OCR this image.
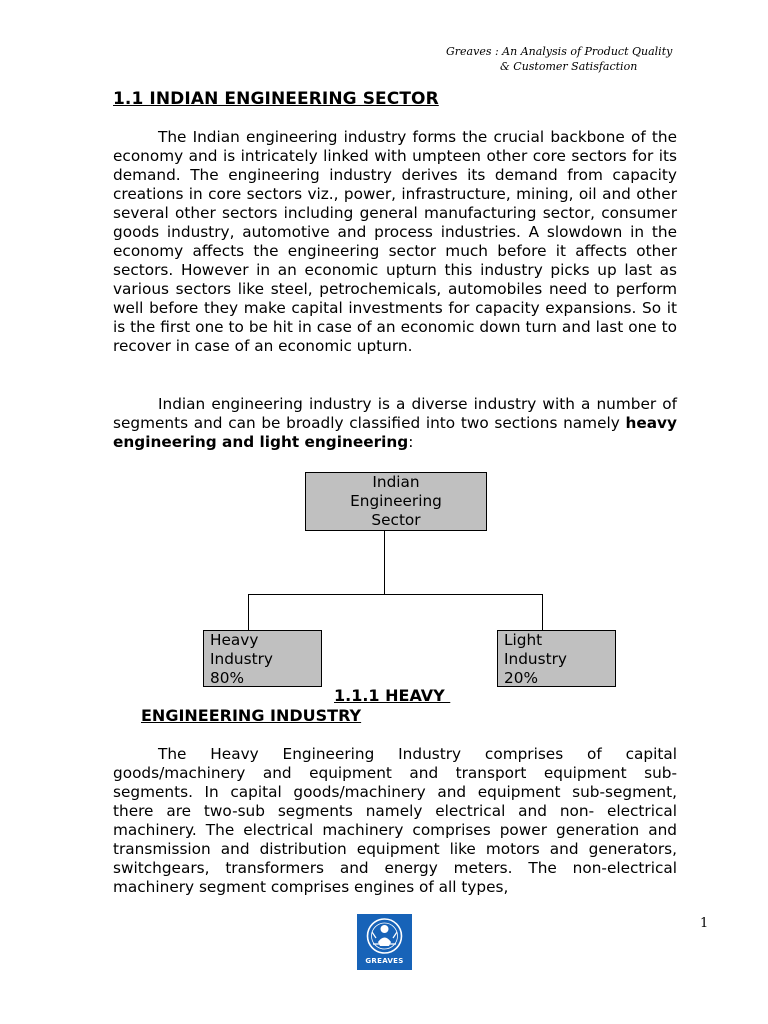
Greaves : An Analysis of Product Quality
& Customer Satisfaction
1.1 INDIAN ENGINEERING SECTOR

The Indian engineering industry forms the crucial backbone of the economy and is intricately linked with umpteen other core sectors for its demand. The engineering industry derives its demand from capacity creations in core sectors viz., power, infrastructure, mining, oil and other several other sectors including general manufacturing sector, consumer goods industry, automotive and process industries. A slowdown in the economy affects the engineering sector much before it affects other sectors. However in an economic upturn this industry picks up last as various sectors like steel, petrochemicals, automobiles need to perform well before they make capital investments for capacity expansions. So it is the first one to be hit in case of an economic down turn and last one to recover in case of an economic upturn.

Indian engineering industry is a diverse industry with a number of segments and can be broadly classified into two sections namely heavy engineering and light engineering:

Indian
Engineering
Sector
Heavy
Industry
80%
Light
Industry
20%
1.1.1 HEAVY
ENGINEERING INDUSTRY

The Heavy Engineering Industry comprises of capital goods/machinery and equipment and transport equipment sub-segments. In capital goods/machinery and equipment sub-segment, there are two-sub segments namely electrical and non- electrical machinery. The electrical machinery comprises power generation and transmission and distribution equipment like motors and generators, switchgears, transformers and energy meters. The non-electrical machinery segment comprises engines of all types,

1
GREAVES
